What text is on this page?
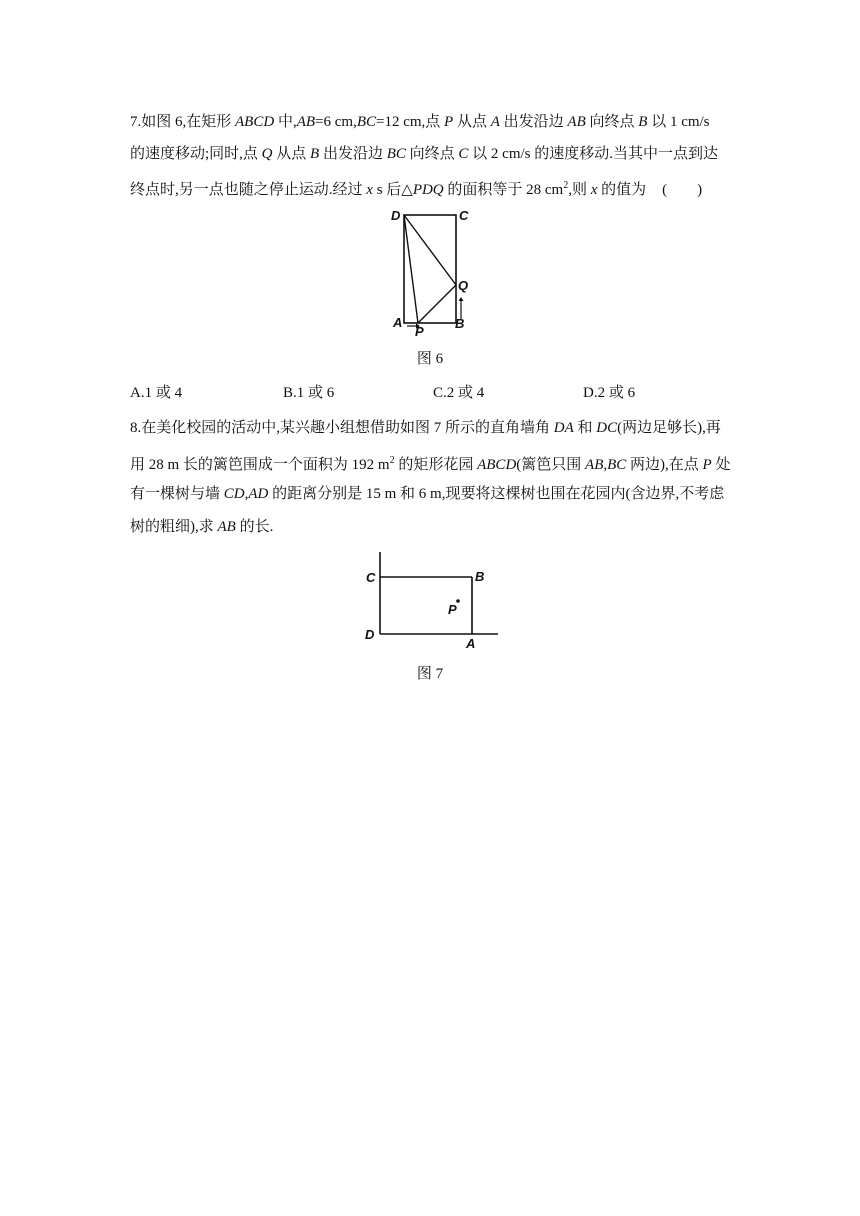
7.如图 6,在矩形 ABCD 中,AB=6 cm,BC=12 cm,点 P 从点 A 出发沿边 AB 向终点 B 以 1 cm/s
的速度移动;同时,点 Q 从点 B 出发沿边 BC 向终点 C 以 2 cm/s 的速度移动.当其中一点到达
终点时,另一点也随之停止运动.经过 x s 后△PDQ 的面积等于 28 $cm^2$,则 x 的值为 (        )
D	C
Q
A
P
B
图 6
A.1 或 4	B.1 或 6	C.2 或 4	D.2 或 6
8.在美化校园的活动中,某兴趣小组想借助如图 7 所示的直角墙角 DA 和 DC(两边足够长),再
用 28 m 长的篱笆围成一个面积为 192 $m^2$ 的矩形花园 ABCD(篱笆只围 AB,BC 两边),在点 P 处
有一棵树与墙 CD,AD 的距离分别是 15 m 和 6 m,现要将这棵树也围在花园内(含边界,不考虑
树的粗细),求 AB 的长.
C	B
P
D
A
图 7
